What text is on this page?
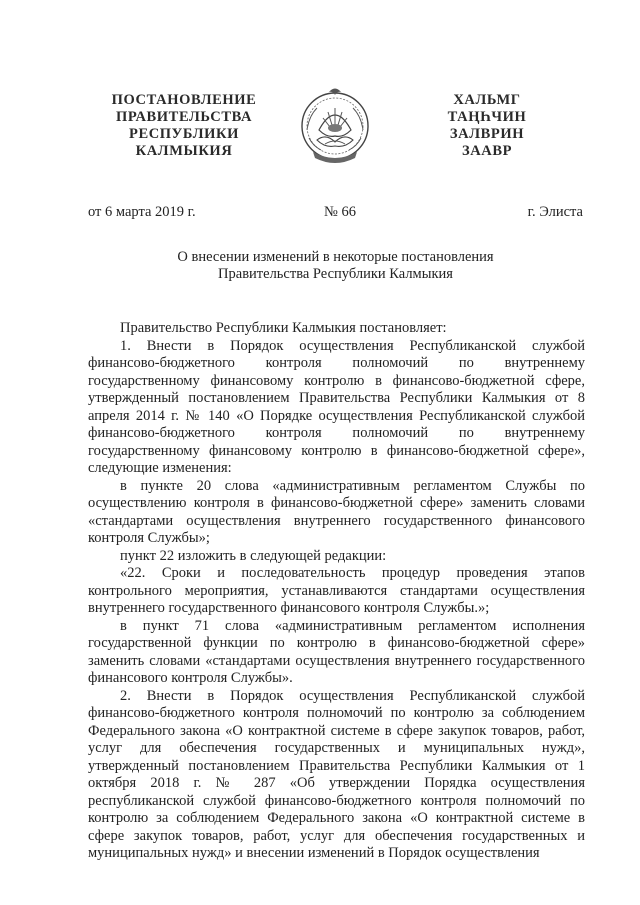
ПОСТАНОВЛЕНИЕ
ПРАВИТЕЛЬСТВА
РЕСПУБЛИКИ
КАЛМЫКИЯ
ХАЛЬМГ
ТАҢҺЧИН
ЗАЛВРИН
ЗААВР
от 6 марта 2019 г.	№ 66	г. Элиста
О внесении изменений в некоторые постановления
Правительства Республики Калмыкия

Правительство Республики Калмыкия постановляет:

1. Внести в Порядок осуществления Республиканской службой финансово-бюджетного контроля полномочий по внутреннему государственному финансовому контролю в финансово-бюджетной сфере, утвержденный постановлением Правительства Республики Калмыкия от 8 апреля 2014 г. № 140 «О Порядке осуществления Республиканской службой финансово-бюджетного контроля полномочий по внутреннему государственному финансовому контролю в финансово-бюджетной сфере», следующие изменения:

в пункте 20 слова «административным регламентом Службы по осуществлению контроля в финансово-бюджетной сфере» заменить словами «стандартами осуществления внутреннего государственного финансового контроля Службы»;

пункт 22 изложить в следующей редакции:

«22. Сроки и последовательность процедур проведения этапов контрольного мероприятия, устанавливаются стандартами осуществления внутреннего государственного финансового контроля Службы.»;

в пункт 71 слова «административным регламентом исполнения государственной функции по контролю в финансово-бюджетной сфере» заменить словами «стандартами осуществления внутреннего государственного финансового контроля Службы».

2. Внести в Порядок осуществления Республиканской службой финансово-бюджетного контроля полномочий по контролю за соблюдением Федерального закона «О контрактной системе в сфере закупок товаров, работ, услуг для обеспечения государственных и муниципальных нужд», утвержденный постановлением Правительства Республики Калмыкия от 1 октября 2018 г. № 287 «Об утверждении Порядка осуществления республиканской службой финансово-бюджетного контроля полномочий по контролю за соблюдением Федерального закона «О контрактной системе в сфере закупок товаров, работ, услуг для обеспечения государственных и муниципальных нужд» и внесении изменений в Порядок осуществления
